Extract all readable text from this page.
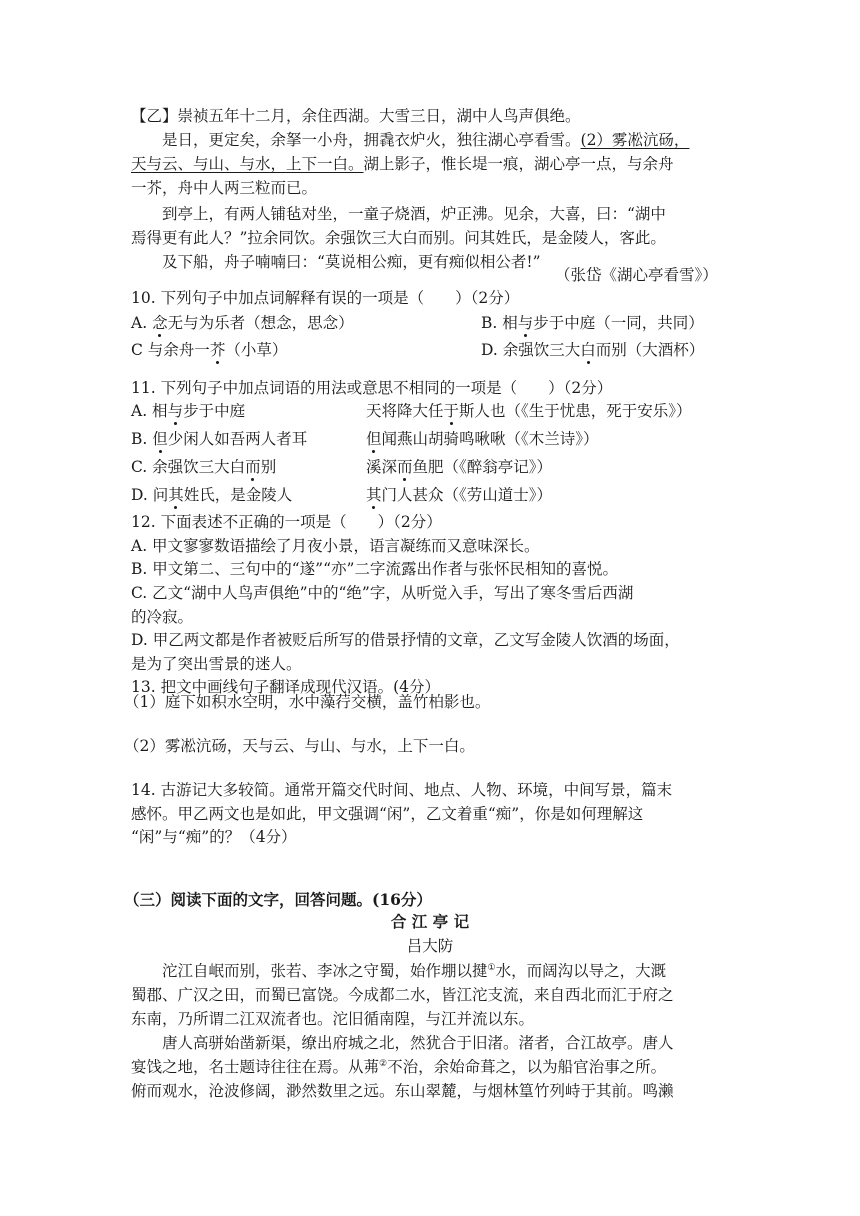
【乙】崇祯五年十二月，余住西湖。大雪三日，湖中人鸟声俱绝。
是日，更定矣，余拏一小舟，拥毳衣炉火，独往湖心亭看雪。(2）雾凇沆砀，
天与云、与山、与水，上下一白。湖上影子，惟长堤一痕，湖心亭一点，与余舟
一芥，舟中人两三粒而已。
到亭上，有两人铺毡对坐，一童子烧酒，炉正沸。见余，大喜，曰：“湖中
焉得更有此人？”拉余同饮。余强饮三大白而别。问其姓氏，是金陵人，客此。
及下船，舟子喃喃曰：“莫说相公痴，更有痴似相公者!”
（张岱《湖心亭看雪》）
10. 下列句子中加点词解释有误的一项是（　　）（2分）
A. 念无与为乐者（想念，思念）	B. 相与步于中庭（一同，共同）
C 与余舟一芥（小草）	D. 余强饮三大白而别（大酒杯）
11. 下列句子中加点词语的用法或意思不相同的一项是（　　）（2分）
A. 相与步于中庭	天将降大任于斯人也（《生于忧患，死于安乐》）
B. 但少闲人如吾两人者耳	但闻燕山胡骑鸣啾啾（《木兰诗》）
C. 余强饮三大白而别	溪深而鱼肥（《醉翁亭记》）
D. 问其姓氏，是金陵人	其门人甚众（《劳山道士》）
12. 下面表述不正确的一项是（　　）（2分）
A. 甲文寥寥数语描绘了月夜小景，语言凝练而又意味深长。
B. 甲文第二、三句中的“遂”“亦”二字流露出作者与张怀民相知的喜悦。
C. 乙文“湖中人鸟声俱绝”中的“绝”字，从听觉入手，写出了寒冬雪后西湖
的冷寂。
D. 甲乙两文都是作者被贬后所写的借景抒情的文章，乙文写金陵人饮酒的场面，
是为了突出雪景的迷人。
13. 把文中画线句子翻译成现代汉语。(4分）
（1）庭下如积水空明，水中藻荇交横，盖竹柏影也。
（2）雾凇沆砀，天与云、与山、与水，上下一白。
14. 古游记大多较简。通常开篇交代时间、地点、人物、环境，中间写景，篇末
感怀。甲乙两文也是如此，甲文强调“闲”，乙文着重“痴”，你是如何理解这
“闲”与“痴”的？（4分）
（三）阅读下面的文字，回答问题。(16分）
合 江 亭 记
吕大防
沱江自岷而别，张若、李冰之守蜀，始作堋以揵①水，而阔沟以导之，大溉
蜀郡、广汉之田，而蜀已富饶。今成都二水，皆江沱支流，来自西北而汇于府之
东南，乃所谓二江双流者也。沱旧循南隍，与江并流以东。
唐人高骈始凿新渠，缭出府城之北，然犹合于旧渚。渚者，合江故亭。唐人
宴饯之地，名士题诗往往在焉。从茀②不治，余始命葺之，以为船官治事之所。
俯而观水，沧波修阔，渺然数里之远。东山翠麓，与烟林篁竹列峙于其前。鸣濑
